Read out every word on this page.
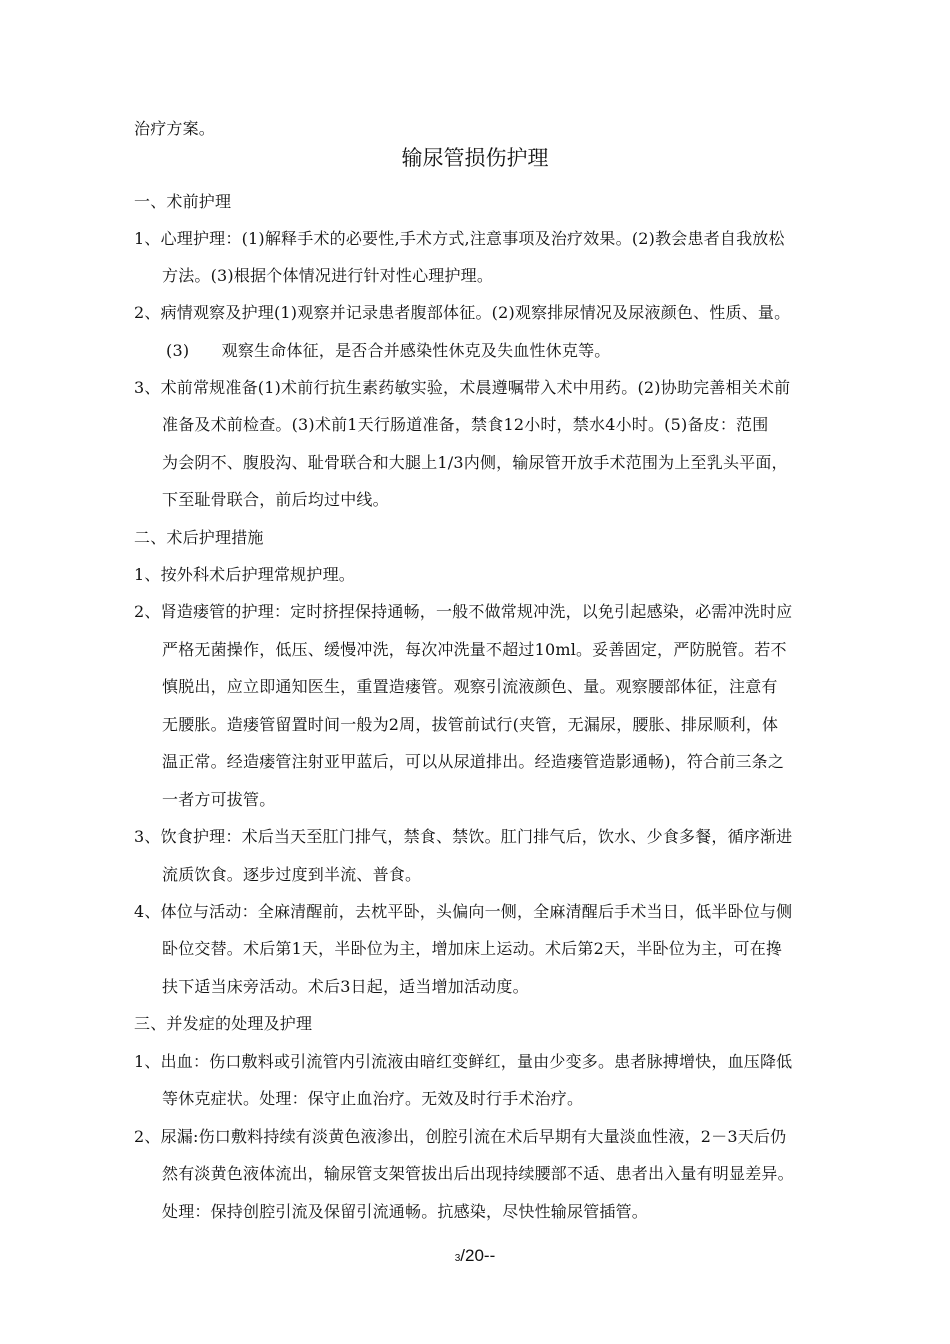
治疗方案。
输尿管损伤护理
一、术前护理
1、心理护理：(1)解释手术的必要性,手术方式,注意事项及治疗效果。(2)教会患者自我放松
方法。(3)根据个体情况进行针对性心理护理。
2、病情观察及护理(1)观察并记录患者腹部体征。(2)观察排尿情况及尿液颜色、性质、量。
(3)　　观察生命体征，是否合并感染性休克及失血性休克等。
3、术前常规准备(1)术前行抗生素药敏实验，术晨遵嘱带入术中用药。(2)协助完善相关术前
准备及术前检查。(3)术前1天行肠道准备，禁食12小时，禁水4小时。(5)备皮：范围
为会阴不、腹股沟、耻骨联合和大腿上1/3内侧，输尿管开放手术范围为上至乳头平面，
下至耻骨联合，前后均过中线。
二、术后护理措施
1、按外科术后护理常规护理。
2、肾造瘘管的护理：定时挤捏保持通畅，一般不做常规冲洗，以免引起感染，必需冲洗时应
严格无菌操作，低压、缓慢冲洗，每次冲洗量不超过10ml。妥善固定，严防脱管。若不
慎脱出，应立即通知医生，重置造瘘管。观察引流液颜色、量。观察腰部体征，注意有
无腰胀。造瘘管留置时间一般为2周，拔管前试行(夹管，无漏尿，腰胀、排尿顺利，体
温正常。经造瘘管注射亚甲蓝后，可以从尿道排出。经造瘘管造影通畅)，符合前三条之
一者方可拔管。
3、饮食护理：术后当天至肛门排气，禁食、禁饮。肛门排气后，饮水、少食多餐，循序渐进
流质饮食。逐步过度到半流、普食。
4、体位与活动：全麻清醒前，去枕平卧，头偏向一侧，全麻清醒后手术当日，低半卧位与侧
卧位交替。术后第1天，半卧位为主，增加床上运动。术后第2天，半卧位为主，可在搀
扶下适当床旁活动。术后3日起，适当增加活动度。
三、并发症的处理及护理
1、出血：伤口敷料或引流管内引流液由暗红变鲜红，量由少变多。患者脉搏增快，血压降低
等休克症状。处理：保守止血治疗。无效及时行手术治疗。
2、尿漏:伤口敷料持续有淡黄色液渗出，创腔引流在术后早期有大量淡血性液，2－3天后仍
然有淡黄色液体流出，输尿管支架管拔出后出现持续腰部不适、患者出入量有明显差异。
处理：保持创腔引流及保留引流通畅。抗感染，尽快性输尿管插管。
3/20--
